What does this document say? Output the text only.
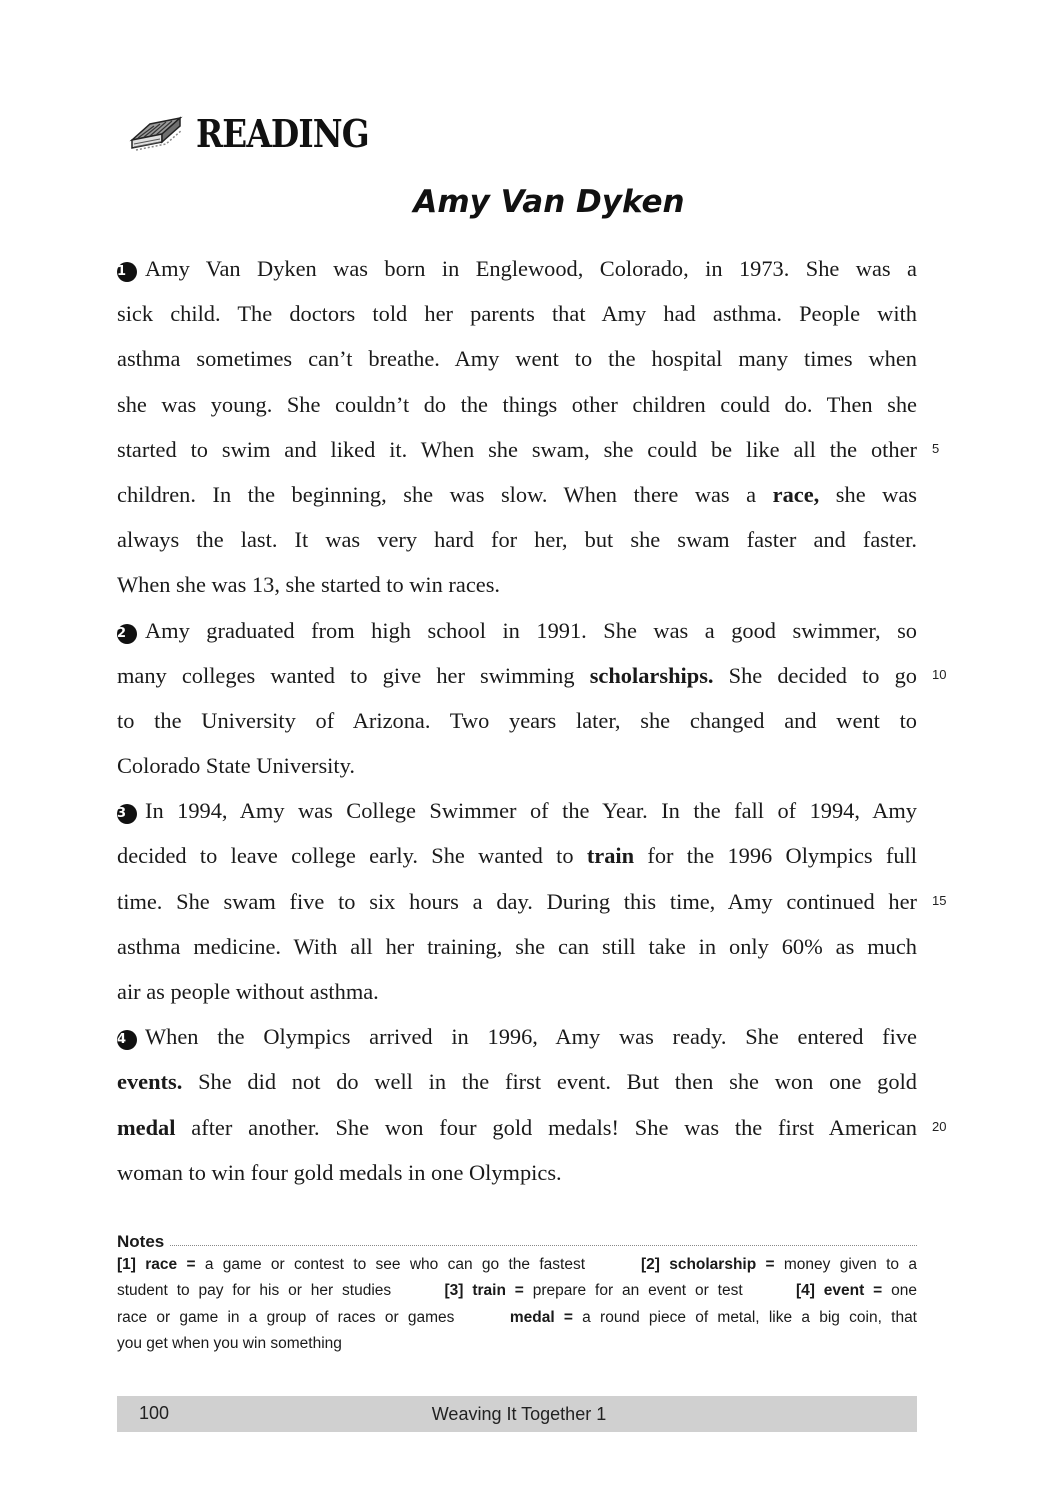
READING
Amy Van Dyken
1 Amy Van Dyken was born in Englewood, Colorado, in 1973. She was a
sick child. The doctors told her parents that Amy had asthma. People with
asthma sometimes can’t breathe. Amy went to the hospital many times when
she was young. She couldn’t do the things other children could do. Then she
started to swim and liked it. When she swam, she could be like all the other
children. In the beginning, she was slow. When there was a race, she was
always the last. It was very hard for her, but she swam faster and faster.
When she was 13, she started to win races.
2 Amy graduated from high school in 1991. She was a good swimmer, so
many colleges wanted to give her swimming scholarships. She decided to go
to the University of Arizona. Two years later, she changed and went to
Colorado State University.
3 In 1994, Amy was College Swimmer of the Year. In the fall of 1994, Amy
decided to leave college early. She wanted to train for the 1996 Olympics full
time. She swam five to six hours a day. During this time, Amy continued her
asthma medicine. With all her training, she can still take in only 60% as much
air as people without asthma.
4 When the Olympics arrived in 1996, Amy was ready. She entered five
events. She did not do well in the first event. But then she won one gold
medal after another. She won four gold medals! She was the first American
woman to win four gold medals in one Olympics.
5
10
15
20
Notes
[1] race = a game or contest to see who can go the fastest      [2] scholarship = money given to a
student to pay for his or her studies      [3] train = prepare for an event or test      [4] event = one
race or game in a group of races or games      medal = a round piece of metal, like a big coin, that
you get when you win something
100	Weaving It Together 1
